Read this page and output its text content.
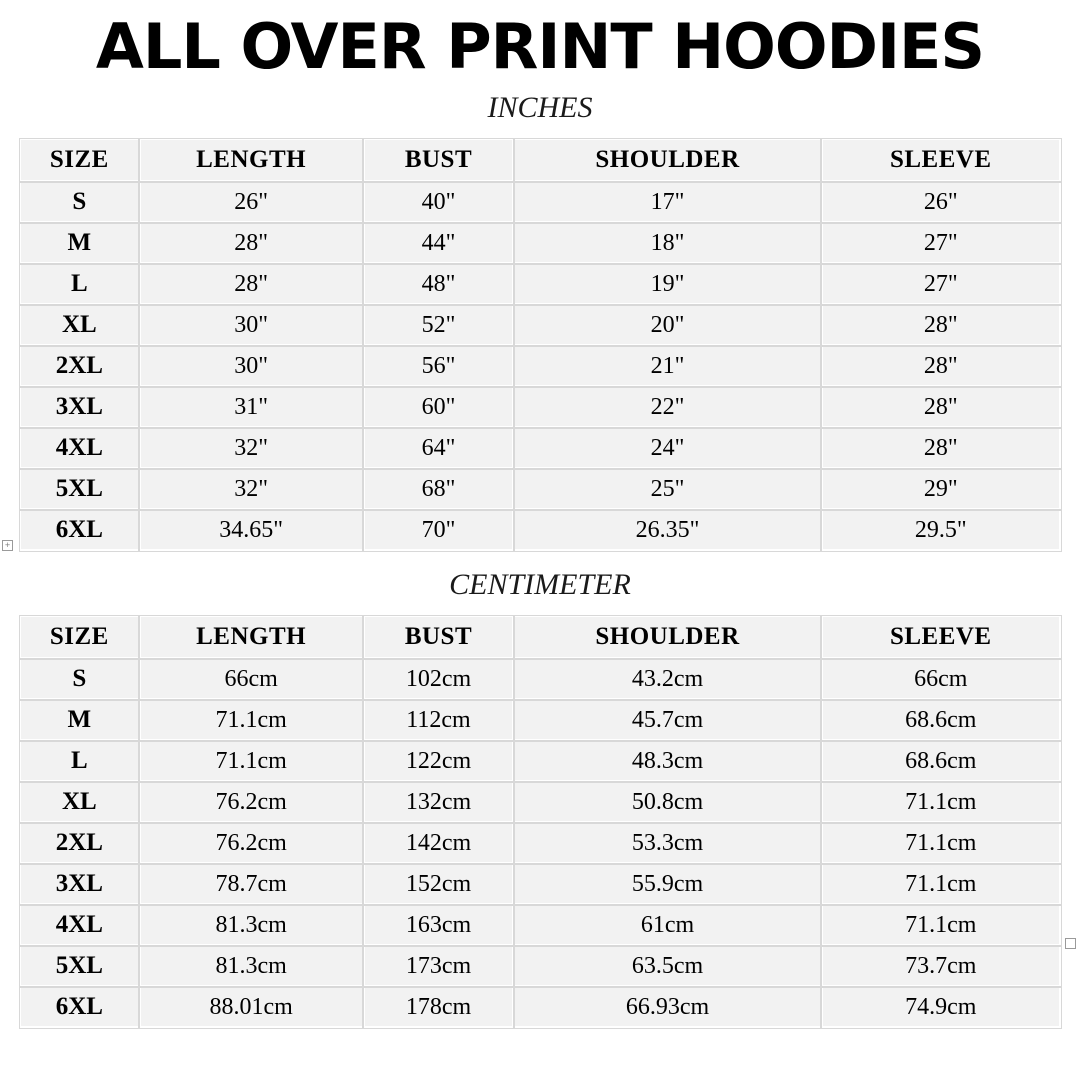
ALL OVER PRINT HOODIES
INCHES
SIZE	LENGTH	BUST	SHOULDER	SLEEVE
S	26"	40"	17"	26"
M	28"	44"	18"	27"
L	28"	48"	19"	27"
XL	30"	52"	20"	28"
2XL	30"	56"	21"	28"
3XL	31"	60"	22"	28"
4XL	32"	64"	24"	28"
5XL	32"	68"	25"	29"
6XL	34.65"	70"	26.35"	29.5"
CENTIMETER
SIZE	LENGTH	BUST	SHOULDER	SLEEVE
S	66cm	102cm	43.2cm	66cm
M	71.1cm	112cm	45.7cm	68.6cm
L	71.1cm	122cm	48.3cm	68.6cm
XL	76.2cm	132cm	50.8cm	71.1cm
2XL	76.2cm	142cm	53.3cm	71.1cm
3XL	78.7cm	152cm	55.9cm	71.1cm
4XL	81.3cm	163cm	61cm	71.1cm
5XL	81.3cm	173cm	63.5cm	73.7cm
6XL	88.01cm	178cm	66.93cm	74.9cm
+
